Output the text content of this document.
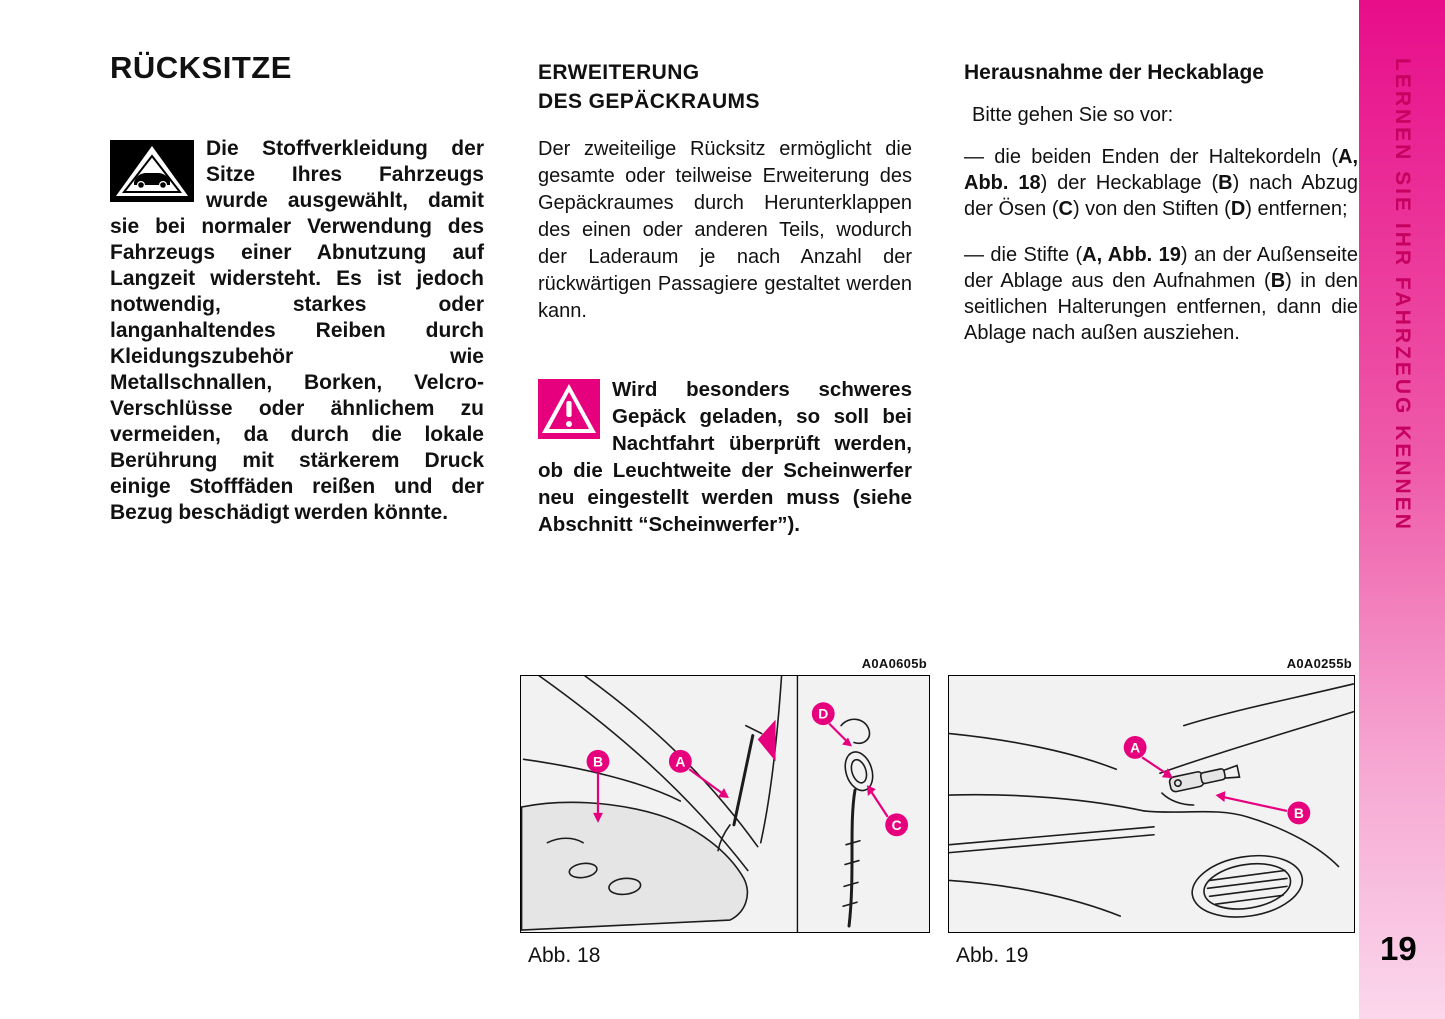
RÜCKSITZE

Die Stoffverkleidung der Sitze Ihres Fahrzeugs wurde ausgewählt, damit sie bei normaler Verwendung des Fahrzeugs einer Abnutzung auf Langzeit widersteht. Es ist jedoch notwendig, starkes oder langanhaltendes Reiben durch Kleidungszubehör wie Metallschnallen, Borken, Velcro-Verschlüsse oder ähnlichem zu vermeiden, da durch die lokale Berührung mit stärkerem Druck einige Stofffäden reißen und der Bezug beschädigt werden könnte.

ERWEITERUNG
DES GEPÄCKRAUMS

Der zweiteilige Rücksitz ermöglicht die gesamte oder teilweise Erweiterung des Gepäckraumes durch Herunterklappen des einen oder anderen Teils, wodurch der Laderaum je nach Anzahl der rückwärtigen Passagiere gestaltet werden kann.

Wird besonders schweres Gepäck geladen, so soll bei Nachtfahrt überprüft werden, ob die Leuchtweite der Scheinwerfer neu eingestellt werden muss (siehe Abschnitt “Scheinwerfer”).

Herausnahme der Heckablage

Bitte gehen Sie so vor:

— die beiden Enden der Haltekordeln (A, Abb. 18) der Heckablage (B) nach Abzug der Ösen (C) von den Stiften (D) entfernen;

— die Stifte (A, Abb. 19) an der Außenseite der Ablage aus den Aufnahmen (B) in den seitlichen Halterungen entfernen, dann die Ablage nach außen ausziehen.

A0A0605b
B	A
D
C
Abb. 18
A0A0255b
A
B
Abb. 19
LERNEN SIE IHR FAHRZEUG KENNEN
19
